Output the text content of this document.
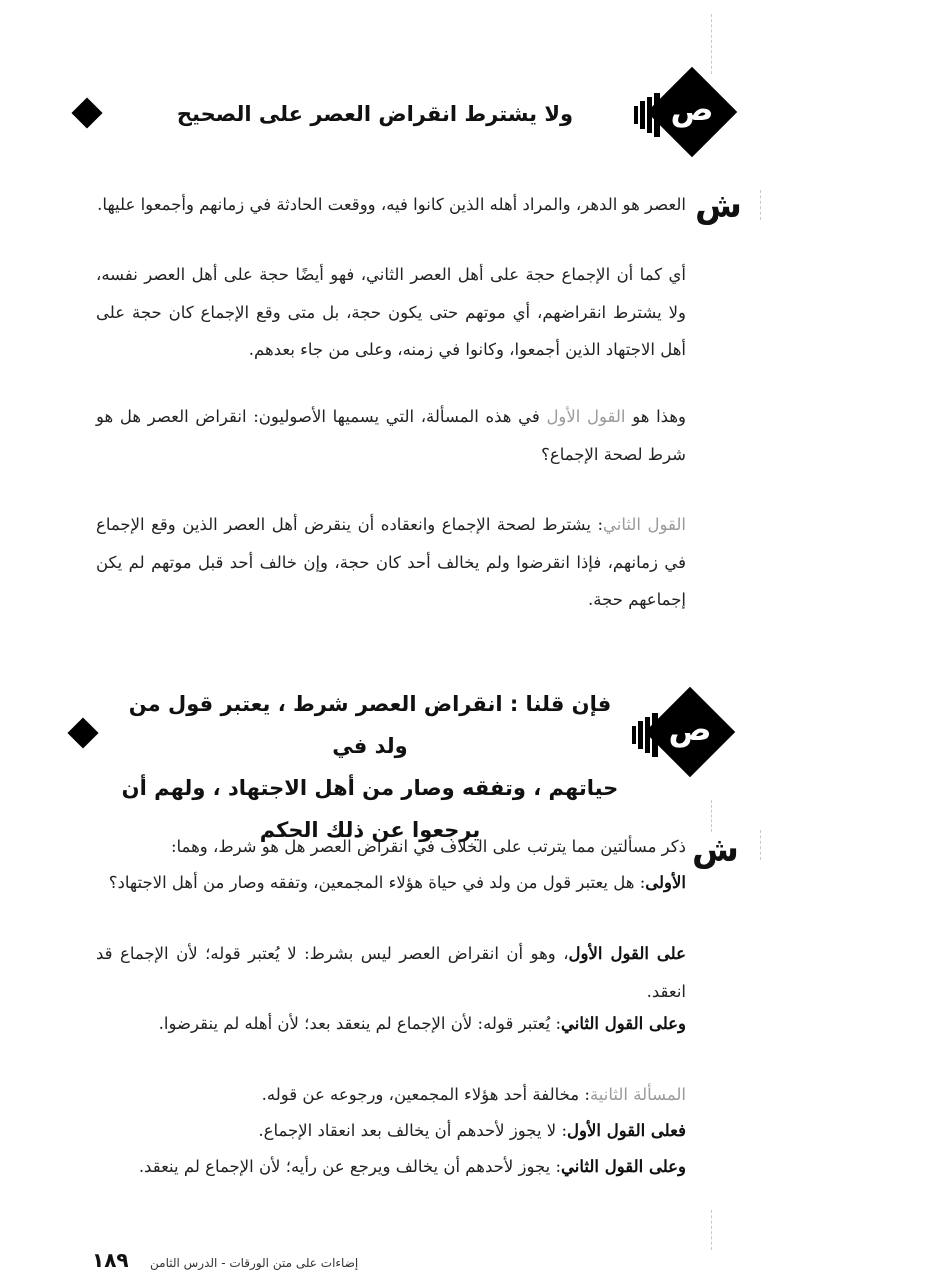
ولا يشترط انقراض العصر على الصحيح	ص
ش
العصر هو الدهر، والمراد أهله الذين كانوا فيه، ووقعت الحادثة في زمانهم وأجمعوا عليها.
أي كما أن الإجماع حجة على أهل العصر الثاني، فهو أيضًا حجة على أهل العصر نفسه، ولا يشترط انقراضهم، أي موتهم حتى يكون حجة، بل متى وقع الإجماع كان حجة على أهل الاجتهاد الذين أجمعوا، وكانوا في زمنه، وعلى من جاء بعدهم.
وهذا هو القول الأول في هذه المسألة، التي يسميها الأصوليون: انقراض العصر هل هو شرط لصحة الإجماع؟
القول الثاني: يشترط لصحة الإجماع وانعقاده أن ينقرض أهل العصر الذين وقع الإجماع في زمانهم، فإذا انقرضوا ولم يخالف أحد كان حجة، وإن خالف أحد قبل موتهم لم يكن إجماعهم حجة.
فإن قلنا : انقراض العصر شرط ، يعتبر قول من ولد في
حياتهم ، وتفقه وصار من أهل الاجتهاد ، ولهم أن
يرجعوا عن ذلك الحكم
ص
ش
ذكر مسألتين مما يترتب على الخلاف في انقراض العصر هل هو شرط، وهما:
الأولى: هل يعتبر قول من ولد في حياة هؤلاء المجمعين، وتفقه وصار من أهل الاجتهاد؟
على القول الأول، وهو أن انقراض العصر ليس بشرط: لا يُعتبر قوله؛ لأن الإجماع قد انعقد.
وعلى القول الثاني: يُعتبر قوله: لأن الإجماع لم ينعقد بعد؛ لأن أهله لم ينقرضوا.
المسألة الثانية: مخالفة أحد هؤلاء المجمعين، ورجوعه عن قوله.
فعلى القول الأول: لا يجوز لأحدهم أن يخالف بعد انعقاد الإجماع.
وعلى القول الثاني: يجوز لأحدهم أن يخالف ويرجع عن رأيه؛ لأن الإجماع لم ينعقد.
١٨٩ إضاءات على متن الورقات - الدرس الثامن
